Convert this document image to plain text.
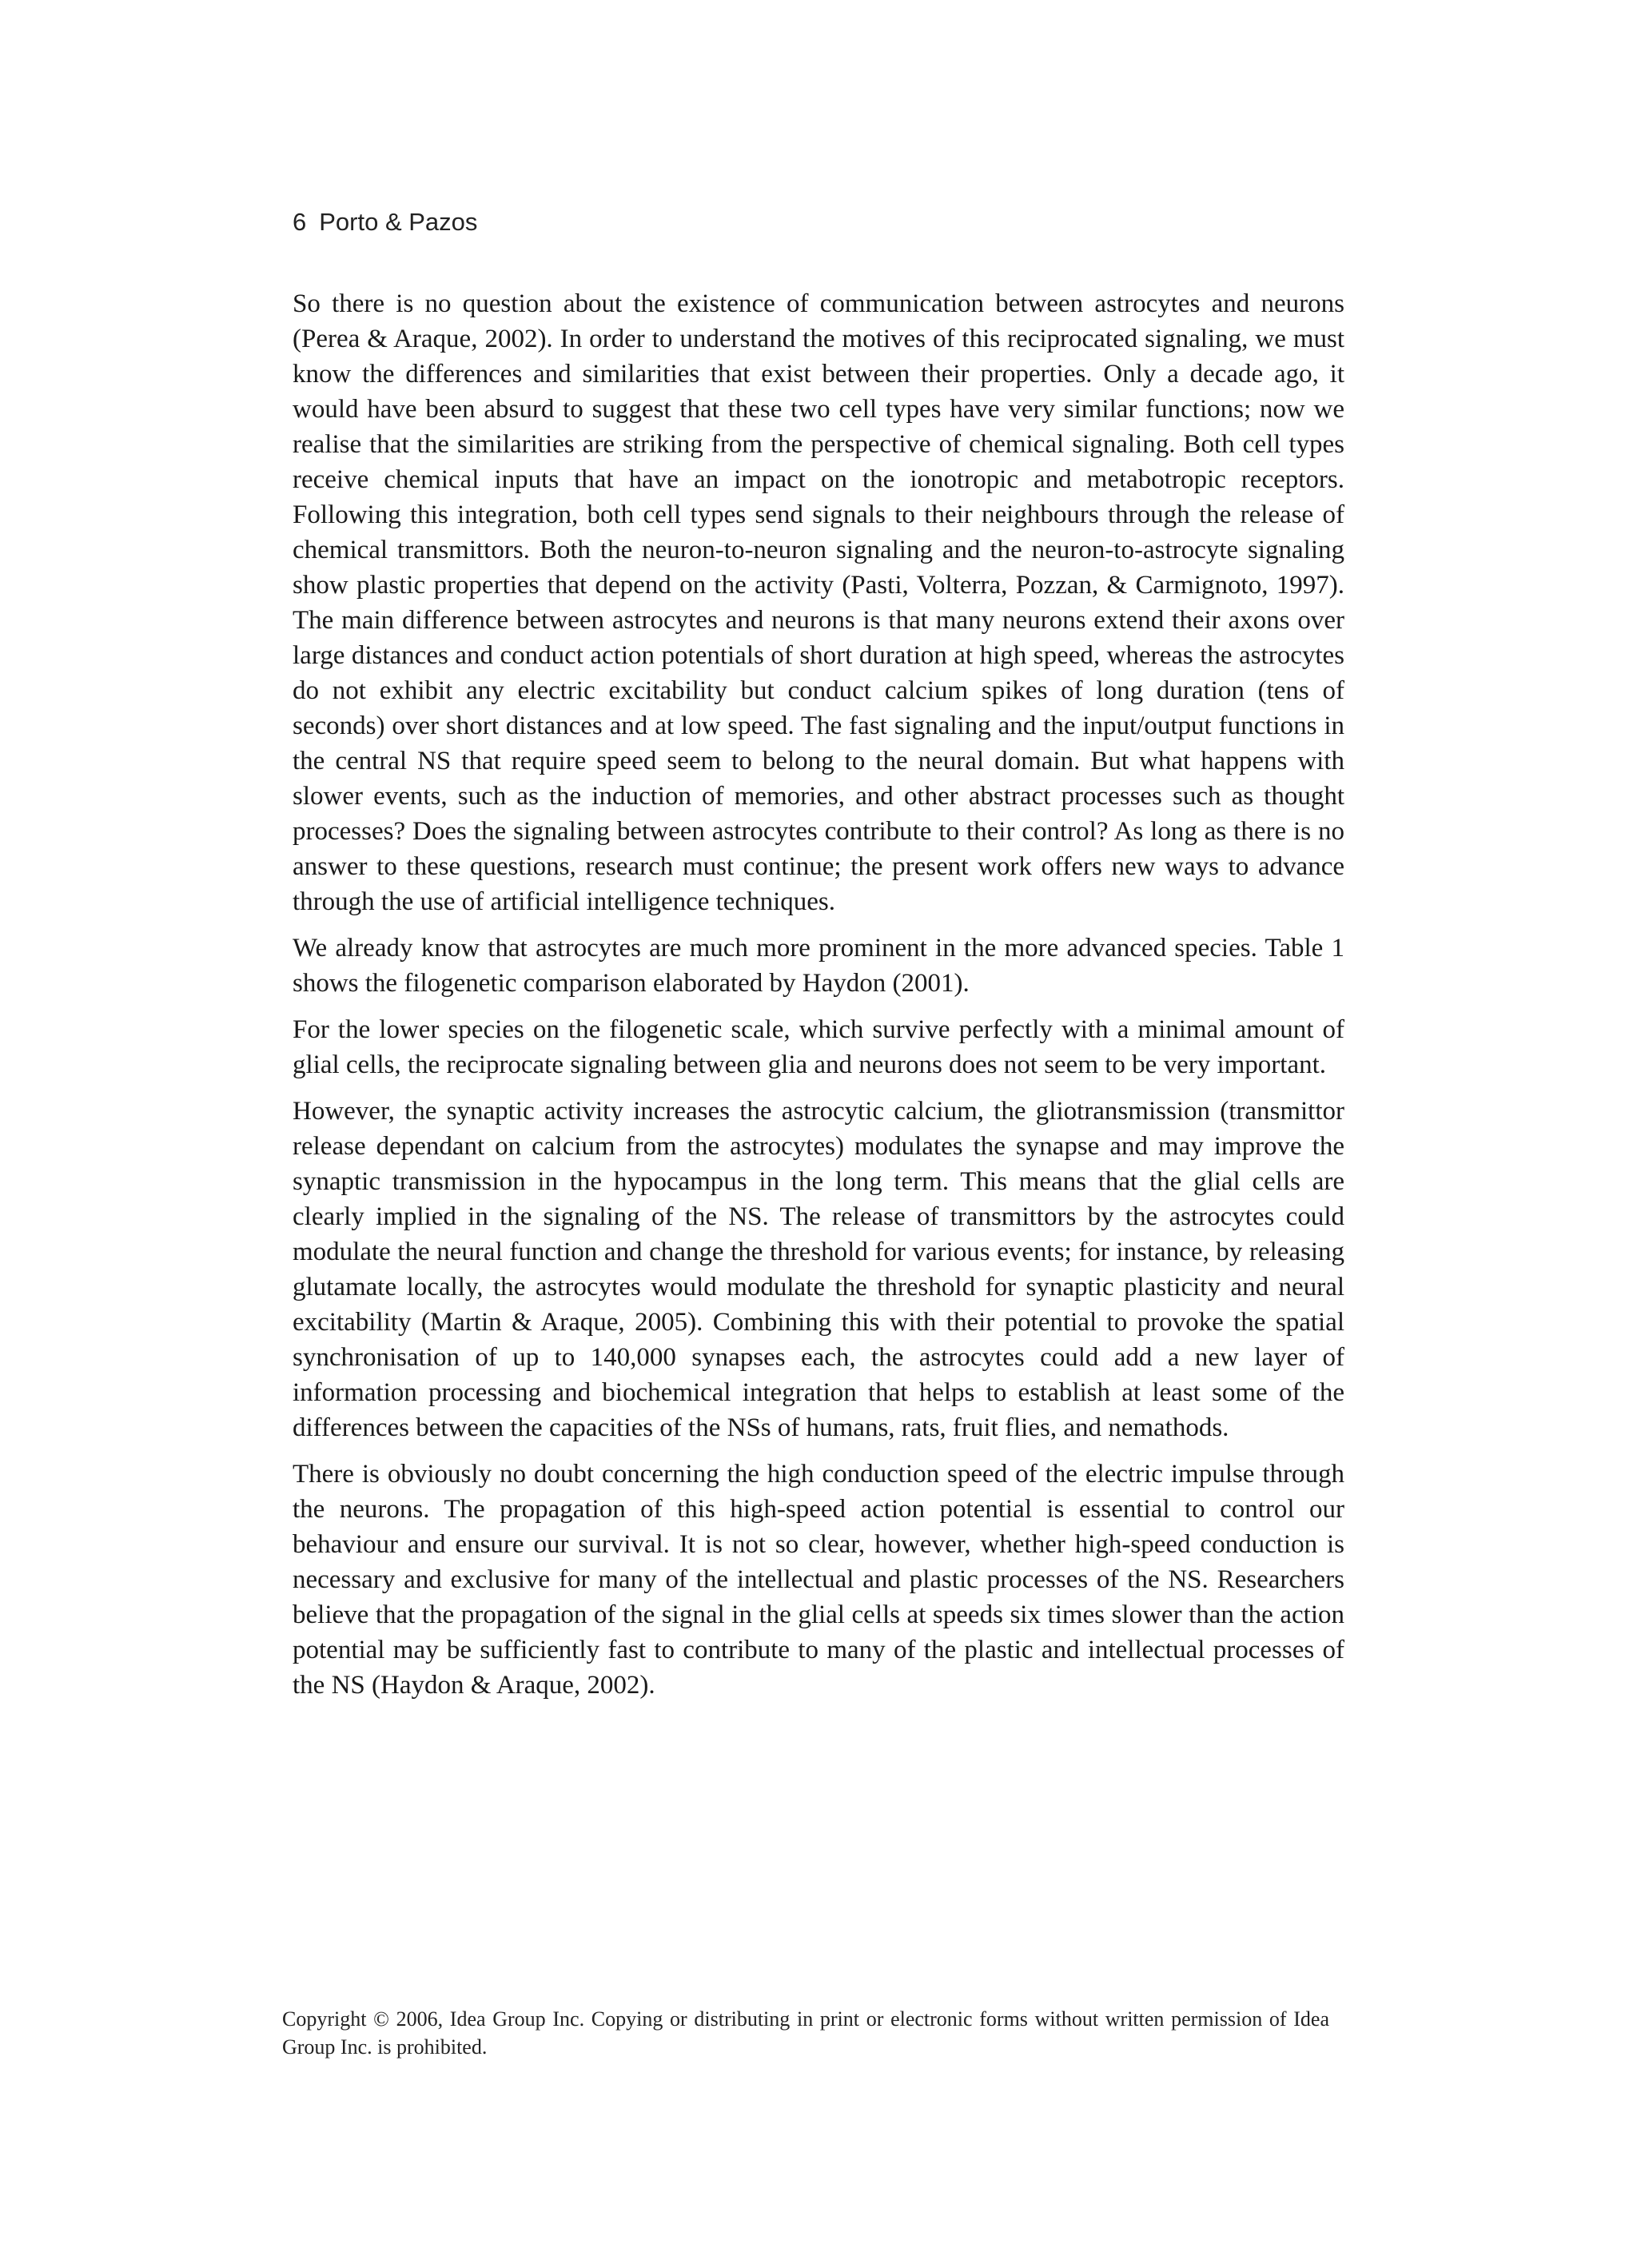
6 Porto & Pazos

So there is no question about the existence of communication between astrocytes and neurons (Perea & Araque, 2002). In order to understand the motives of this reciprocated signaling, we must know the differences and similarities that exist between their properties. Only a decade ago, it would have been absurd to suggest that these two cell types have very similar functions; now we realise that the similarities are striking from the perspective of chemical signaling. Both cell types receive chemical inputs that have an impact on the ionotropic and metabotropic receptors. Following this integration, both cell types send signals to their neighbours through the release of chemical transmittors. Both the neuron-to-neuron signaling and the neuron-to-astrocyte signaling show plastic properties that depend on the activity (Pasti, Volterra, Pozzan, & Carmignoto, 1997). The main difference between astrocytes and neurons is that many neurons extend their axons over large distances and conduct action potentials of short duration at high speed, whereas the astrocytes do not exhibit any electric excitability but conduct calcium spikes of long duration (tens of seconds) over short distances and at low speed. The fast signaling and the input/output functions in the central NS that require speed seem to belong to the neural domain. But what happens with slower events, such as the induction of memories, and other abstract processes such as thought processes? Does the signaling between astrocytes contribute to their control? As long as there is no answer to these questions, research must continue; the present work offers new ways to advance through the use of artificial intelligence techniques.

We already know that astrocytes are much more prominent in the more advanced species. Table 1 shows the filogenetic comparison elaborated by Haydon (2001).

For the lower species on the filogenetic scale, which survive perfectly with a minimal amount of glial cells, the reciprocate signaling between glia and neurons does not seem to be very important.

However, the synaptic activity increases the astrocytic calcium, the gliotransmission (transmittor release dependant on calcium from the astrocytes) modulates the synapse and may improve the synaptic transmission in the hypocampus in the long term. This means that the glial cells are clearly implied in the signaling of the NS. The release of transmittors by the astrocytes could modulate the neural function and change the threshold for various events; for instance, by releasing glutamate locally, the astrocytes would modulate the threshold for synaptic plasticity and neural excitability (Martin & Araque, 2005). Combining this with their potential to provoke the spatial synchronisation of up to 140,000 synapses each, the astrocytes could add a new layer of information processing and biochemical integration that helps to establish at least some of the differences between the capacities of the NSs of humans, rats, fruit flies, and nemathods.

There is obviously no doubt concerning the high conduction speed of the electric impulse through the neurons. The propagation of this high-speed action potential is essential to control our behaviour and ensure our survival. It is not so clear, however, whether high-speed conduction is necessary and exclusive for many of the intellectual and plastic processes of the NS. Researchers believe that the propagation of the signal in the glial cells at speeds six times slower than the action potential may be sufficiently fast to contribute to many of the plastic and intellectual processes of the NS (Haydon & Araque, 2002).

Copyright © 2006, Idea Group Inc. Copying or distributing in print or electronic forms without written permission of Idea Group Inc. is prohibited.
